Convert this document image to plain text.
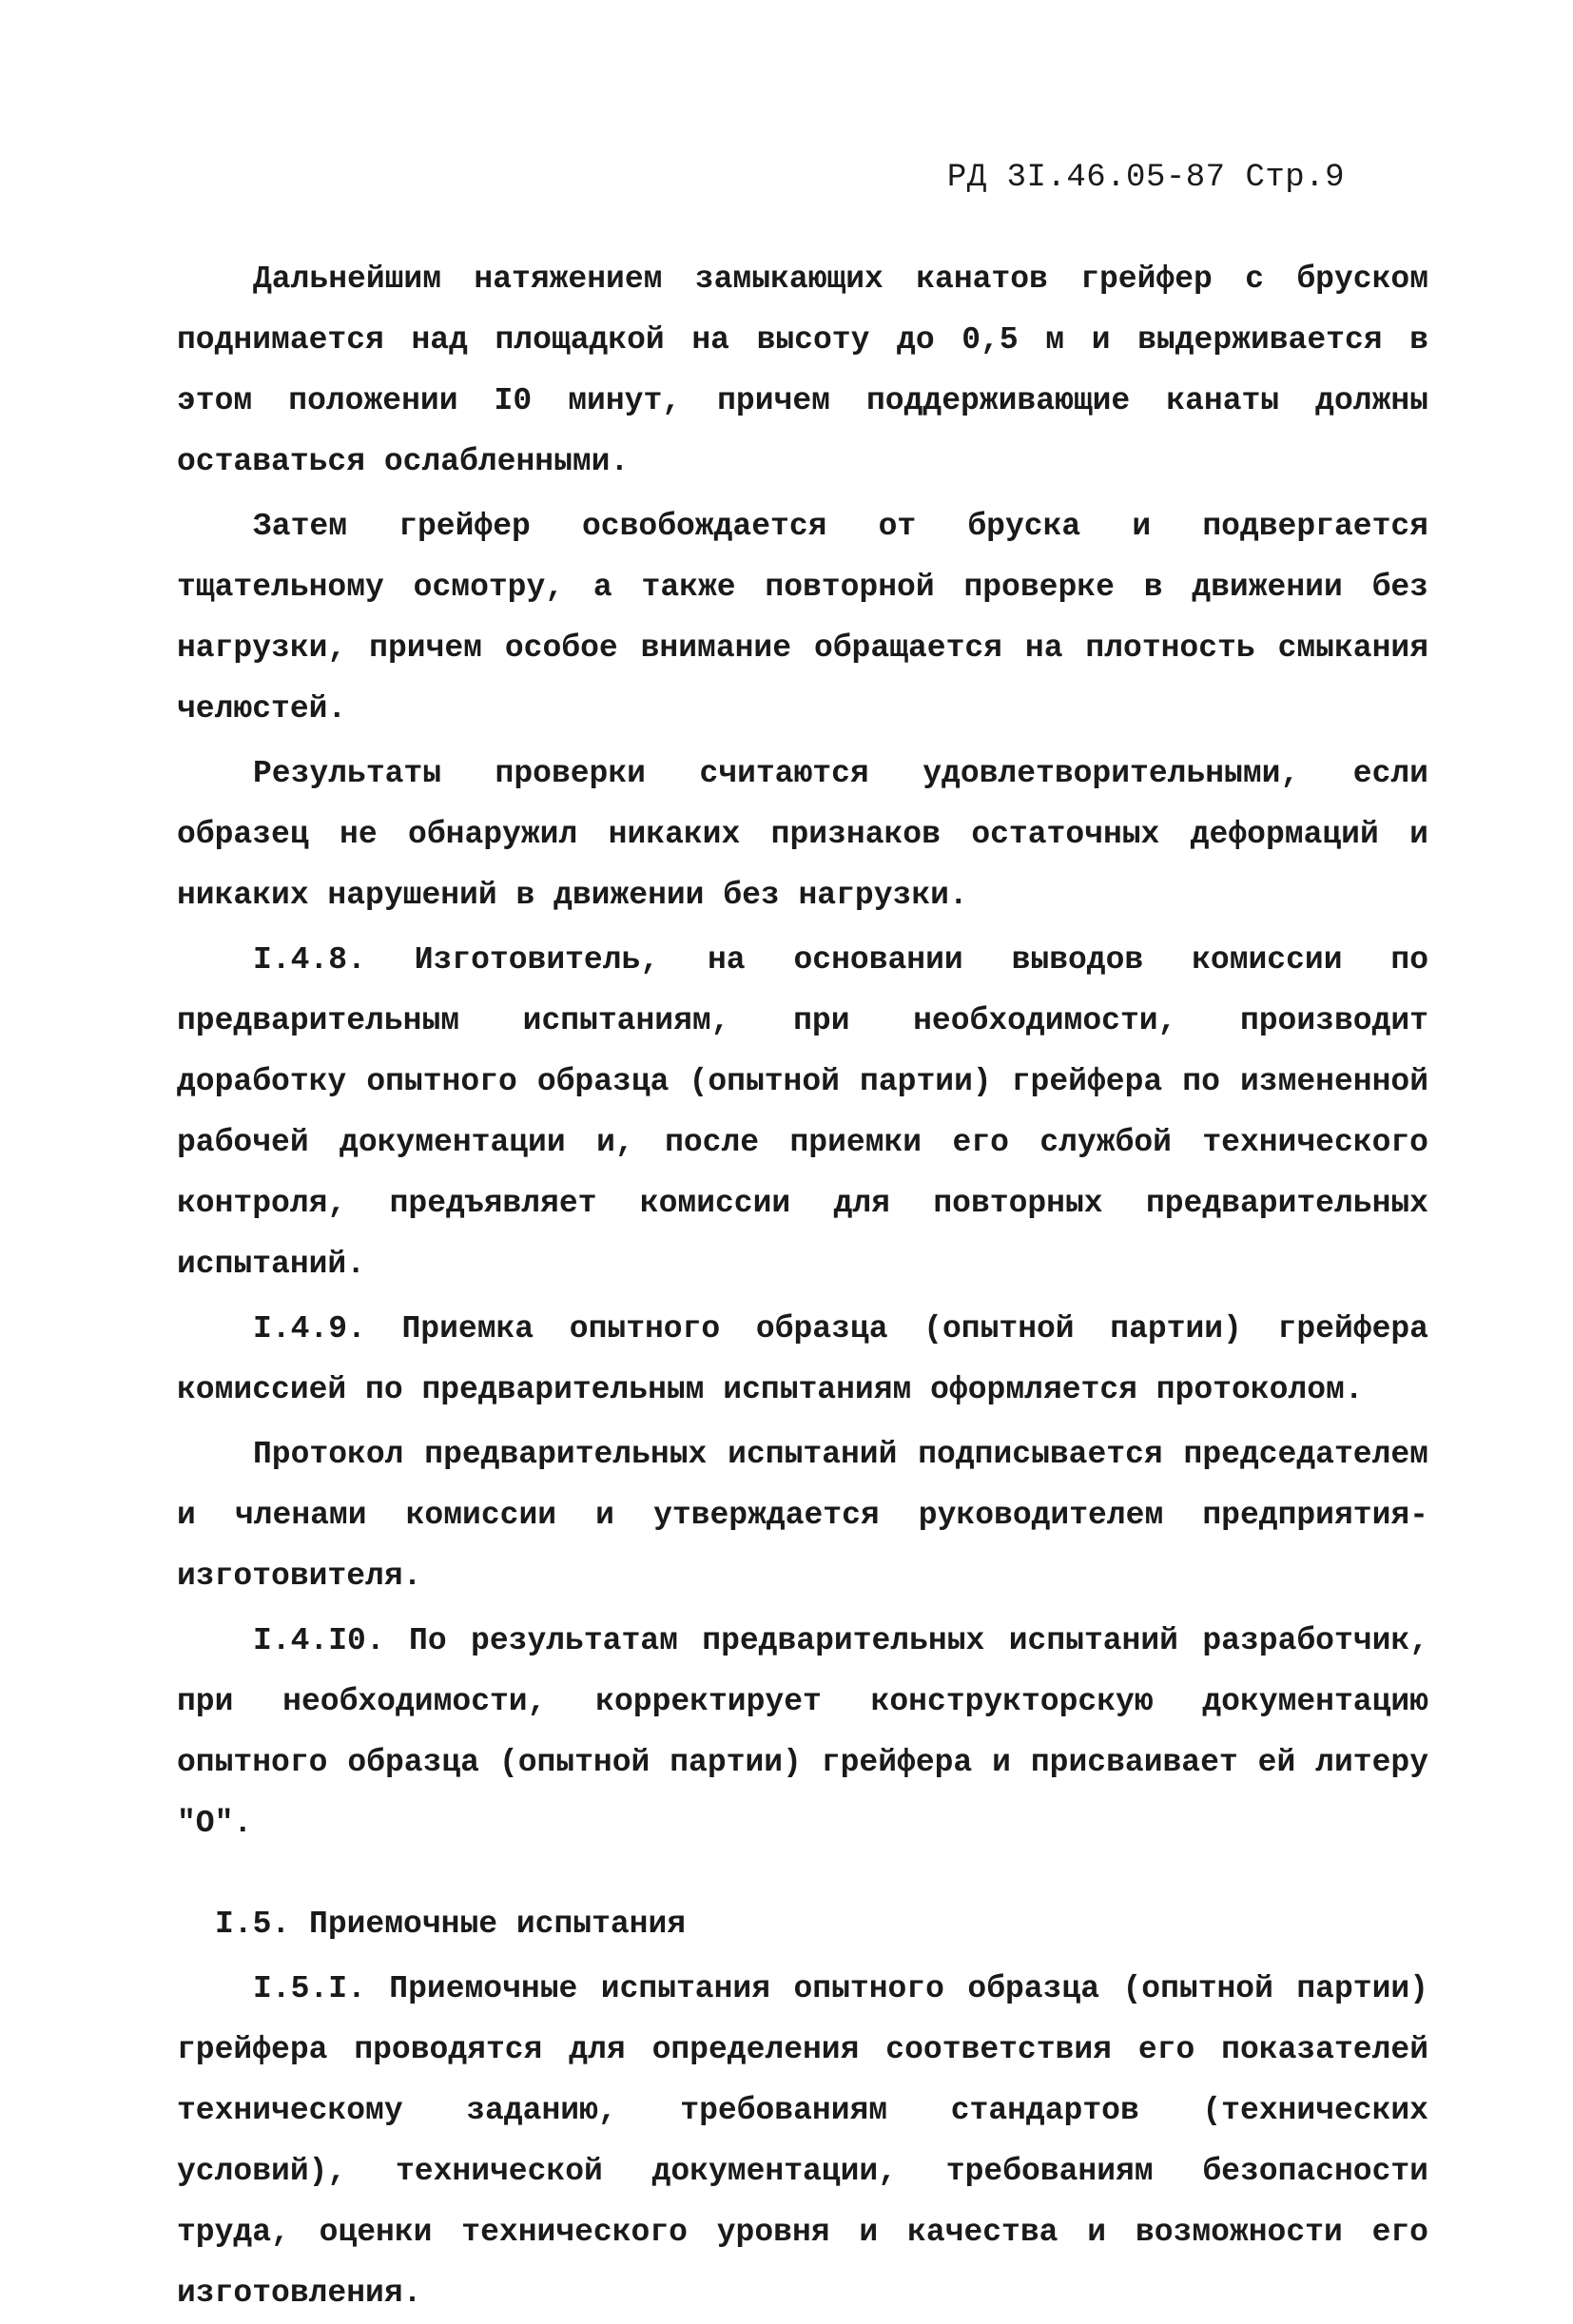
РД 3I.46.05-87 Стр.9

Дальнейшим натяжением замыкающих канатов грейфер с бруском поднимается над площадкой на высоту до 0,5 м и выдерживается в этом положении I0 минут, причем поддерживающие канаты должны оставаться ослабленными.

Затем грейфер освобождается от бруска и подвергается тщательному осмотру, а также повторной проверке в движении без нагрузки, причем особое внимание обращается на плотность смыкания челюстей.

Результаты проверки считаются удовлетворительными, если образец не обнаружил никаких признаков остаточных деформаций и никаких нарушений в движении без нагрузки.

I.4.8. Изготовитель, на основании выводов комиссии по предварительным испытаниям, при необходимости, производит доработку опытного образца (опытной партии) грейфера по измененной рабочей документации и, после приемки его службой технического контроля, предъявляет комиссии для повторных предварительных испытаний.

I.4.9. Приемка опытного образца (опытной партии) грейфера комиссией по предварительным испытаниям оформляется протоколом.

Протокол предварительных испытаний подписывается председателем и членами комиссии и утверждается руководителем предприятия-изготовителя.

I.4.I0. По результатам предварительных испытаний разработчик, при необходимости, корректирует конструкторскую документацию опытного образца (опытной партии) грейфера и присваивает ей литеру "О".

I.5. Приемочные испытания

I.5.I. Приемочные испытания опытного образца (опытной партии) грейфера проводятся для определения соответствия его показателей техническому заданию, требованиям стандартов (технических условий), технической документации, требованиям безопасности труда, оценки технического уровня и качества и возможности его изготовления.
